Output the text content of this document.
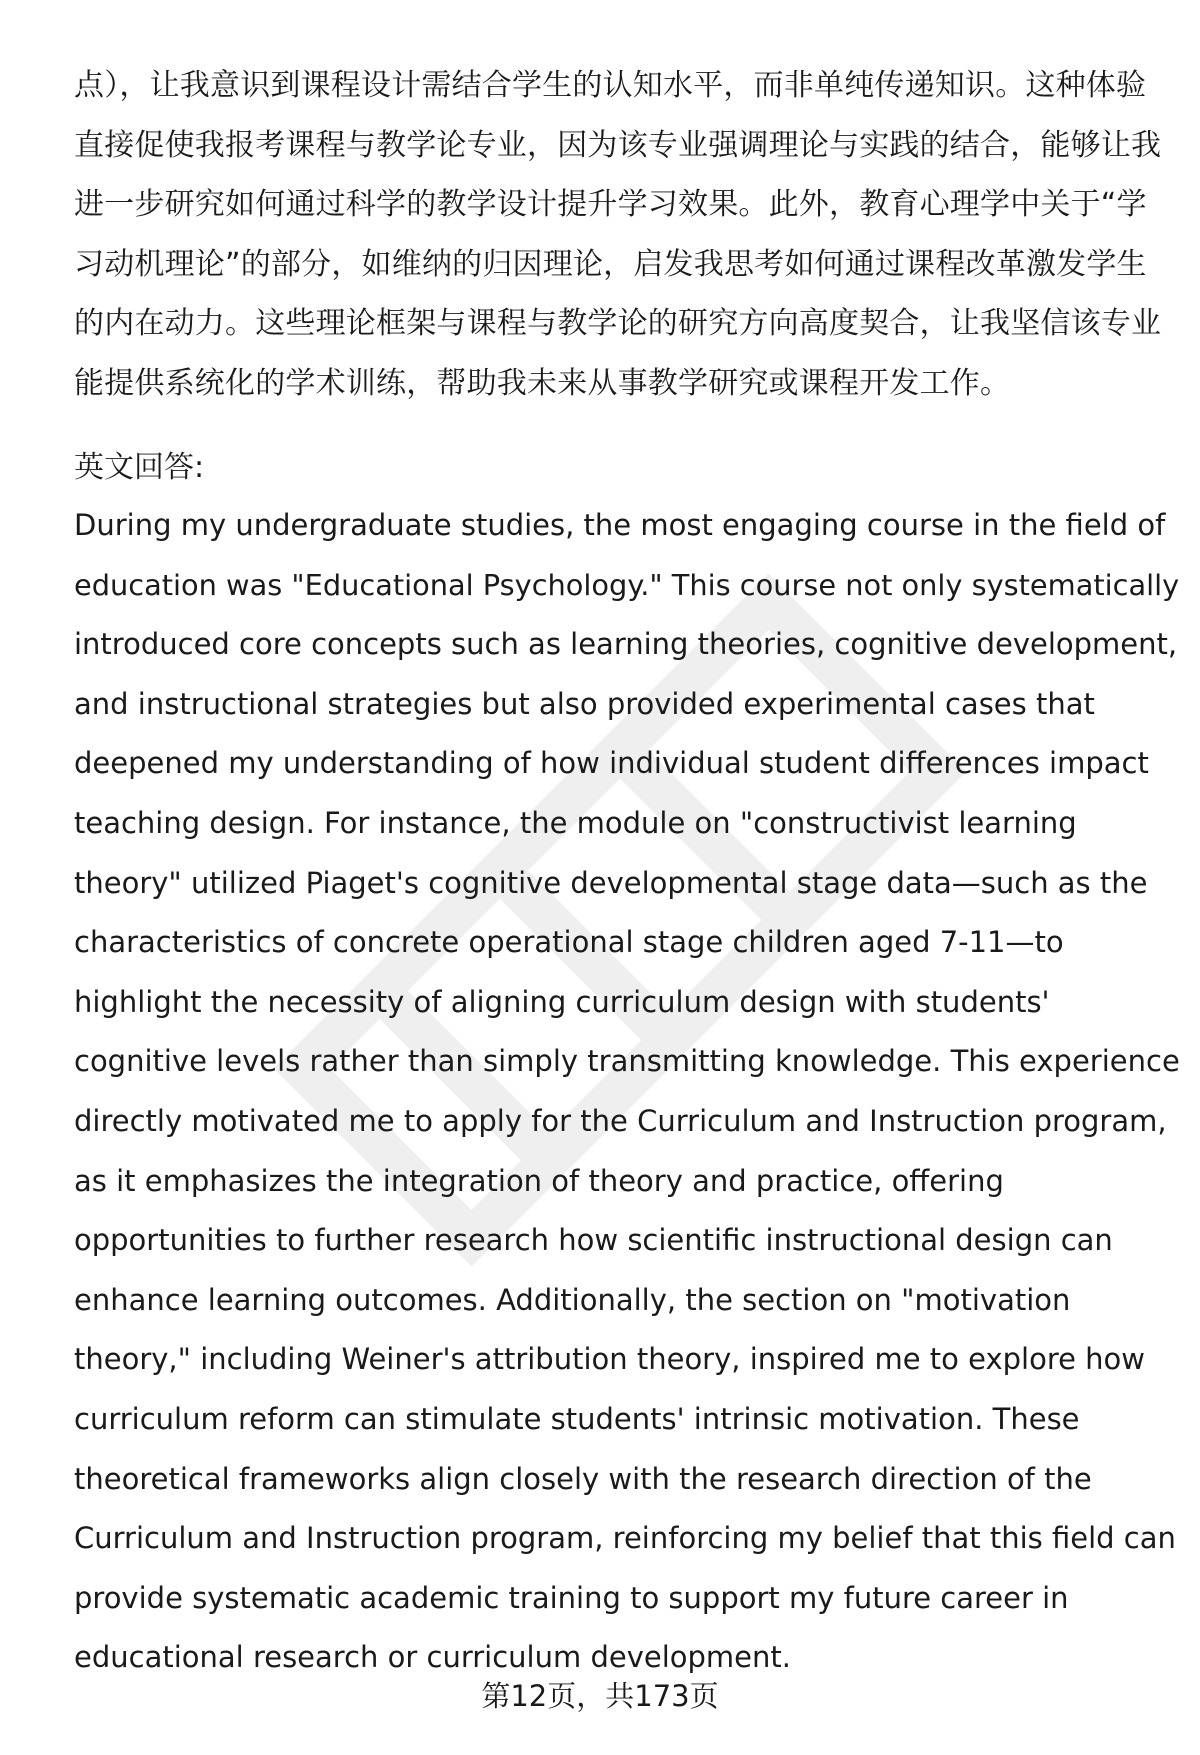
点），让我意识到课程设计需结合学生的认知水平，而非单纯传递知识。这种体验
直接促使我报考课程与教学论专业，因为该专业强调理论与实践的结合，能够让我
进一步研究如何通过科学的教学设计提升学习效果。此外，教育心理学中关于“学
习动机理论”的部分，如维纳的归因理论，启发我思考如何通过课程改革激发学生
的内在动力。这些理论框架与课程与教学论的研究方向高度契合，让我坚信该专业
能提供系统化的学术训练，帮助我未来从事教学研究或课程开发工作。
英文回答:
During my undergraduate studies, the most engaging course in the field of
education was "Educational Psychology." This course not only systematically
introduced core concepts such as learning theories, cognitive development,
and instructional strategies but also provided experimental cases that
deepened my understanding of how individual student differences impact
teaching design. For instance, the module on "constructivist learning
theory" utilized Piaget's cognitive developmental stage data—such as the
characteristics of concrete operational stage children aged 7-11—to
highlight the necessity of aligning curriculum design with students'
cognitive levels rather than simply transmitting knowledge. This experience
directly motivated me to apply for the Curriculum and Instruction program,
as it emphasizes the integration of theory and practice, offering
opportunities to further research how scientific instructional design can
enhance learning outcomes. Additionally, the section on "motivation
theory," including Weiner's attribution theory, inspired me to explore how
curriculum reform can stimulate students' intrinsic motivation. These
theoretical frameworks align closely with the research direction of the
Curriculum and Instruction program, reinforcing my belief that this field can
provide systematic academic training to support my future career in
educational research or curriculum development.
第12页，共173页
